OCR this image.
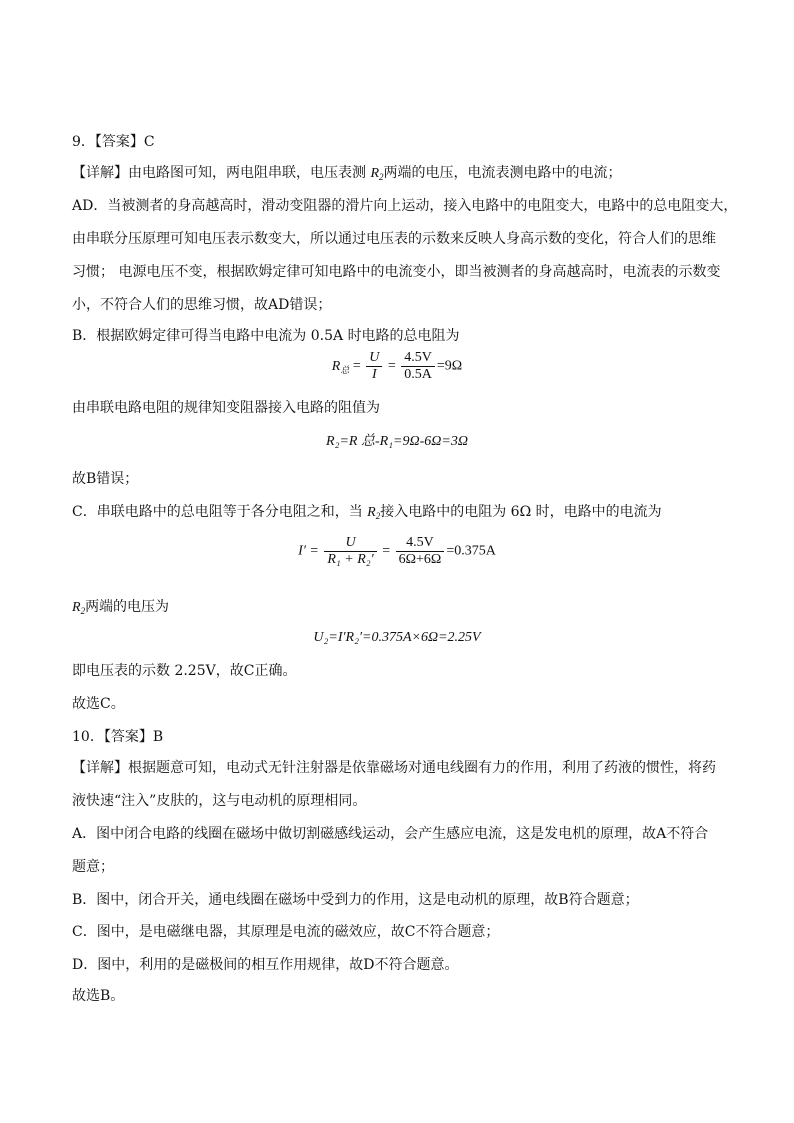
9．【答案】C
【详解】由电路图可知，两电阻串联，电压表测 $R_2$两端的电压，电流表测电路中的电流；
AD．当被测者的身高越高时，滑动变阻器的滑片向上运动，接入电路中的电阻变大，电路中的总电阻变大，
由串联分压原理可知电压表示数变大，所以通过电压表的示数来反映人身高示数的变化，符合人们的思维
习惯； 电源电压不变，根据欧姆定律可知电路中的电流变小，即当被测者的身高越高时，电流表的示数变
小，不符合人们的思维习惯，故AD错误；
B．根据欧姆定律可得当电路中电流为 0.5A 时电路的总电阻为
$R_总 = \frac{U}{I} = \frac{4.5V}{0.5A} =9\Omega$
由串联电路电阻的规律知变阻器接入电路的阻值为
R₂=R 总-R₁=9Ω-6Ω=3Ω
故B错误；
C．串联电路中的总电阻等于各分电阻之和，当 $R_2$接入电路中的电阻为 6Ω 时，电路中的电流为
$I' = \frac{U}{\text{R₁ + R₂′}} = \frac{4.5V}{6\Omega+6\Omega} =0.375A$
$R_2$两端的电压为
U₂=I′R₂′=0.375A×6Ω=2.25V
即电压表的示数 2.25V，故C正确。
故选C。
10．【答案】B
【详解】根据题意可知，电动式无针注射器是依靠磁场对通电线圈有力的作用，利用了药液的惯性，将药
液快速“注入”皮肤的，这与电动机的原理相同。
A．图中闭合电路的线圈在磁场中做切割磁感线运动，会产生感应电流，这是发电机的原理，故A不符合
题意；
B．图中，闭合开关，通电线圈在磁场中受到力的作用，这是电动机的原理，故B符合题意；
C．图中，是电磁继电器，其原理是电流的磁效应，故C不符合题意；
D．图中，利用的是磁极间的相互作用规律，故D不符合题意。
故选B。
